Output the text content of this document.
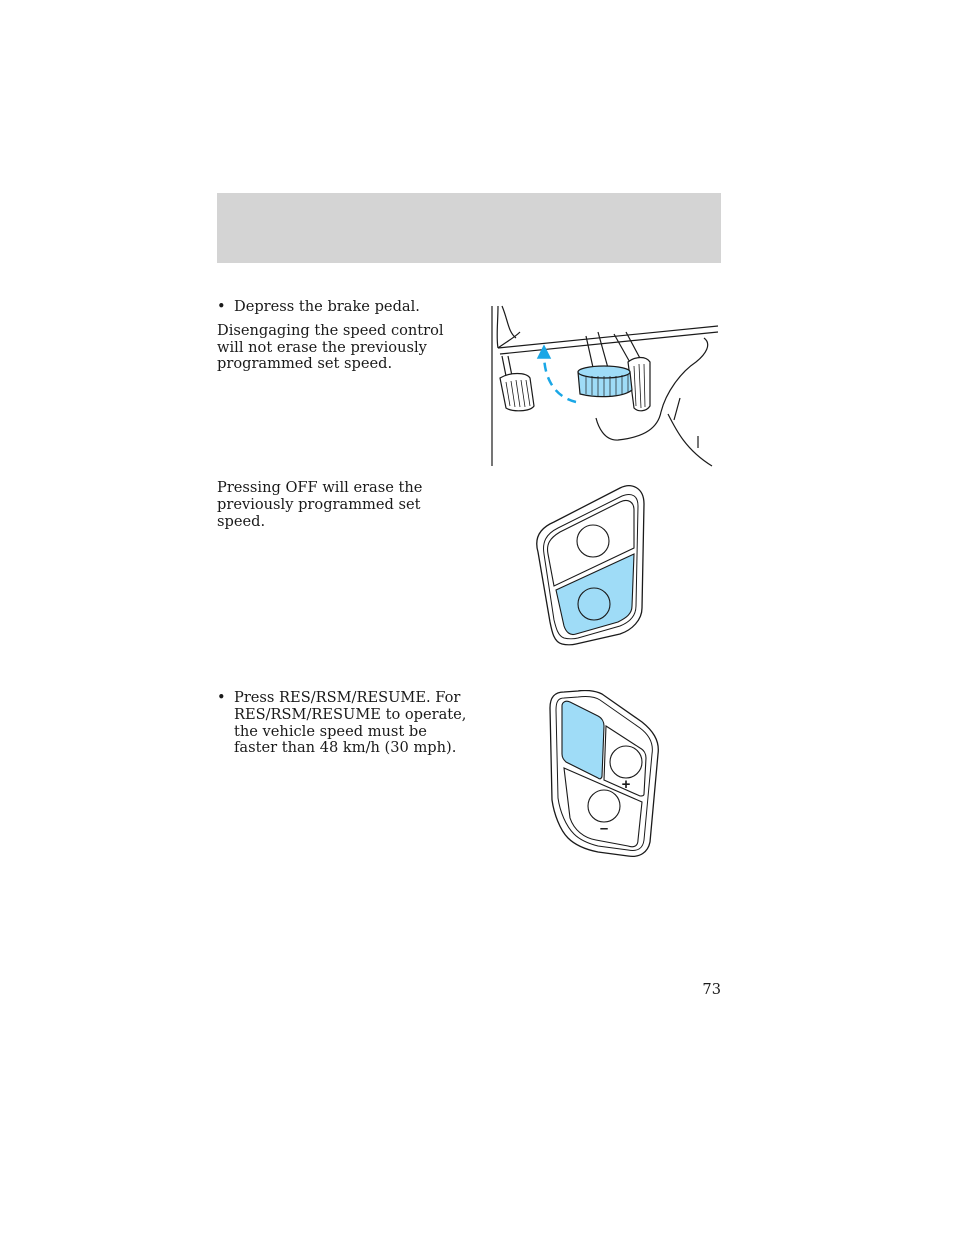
• Depress the brake pedal.
Disengaging the speed control will not erase the previously programmed set speed.
Pressing OFF will erase the previously programmed set speed.
• Press RES/RSM/RESUME. For RES/RSM/RESUME to operate, the vehicle speed must be faster than 48 km/h (30 mph).
+
–
73
